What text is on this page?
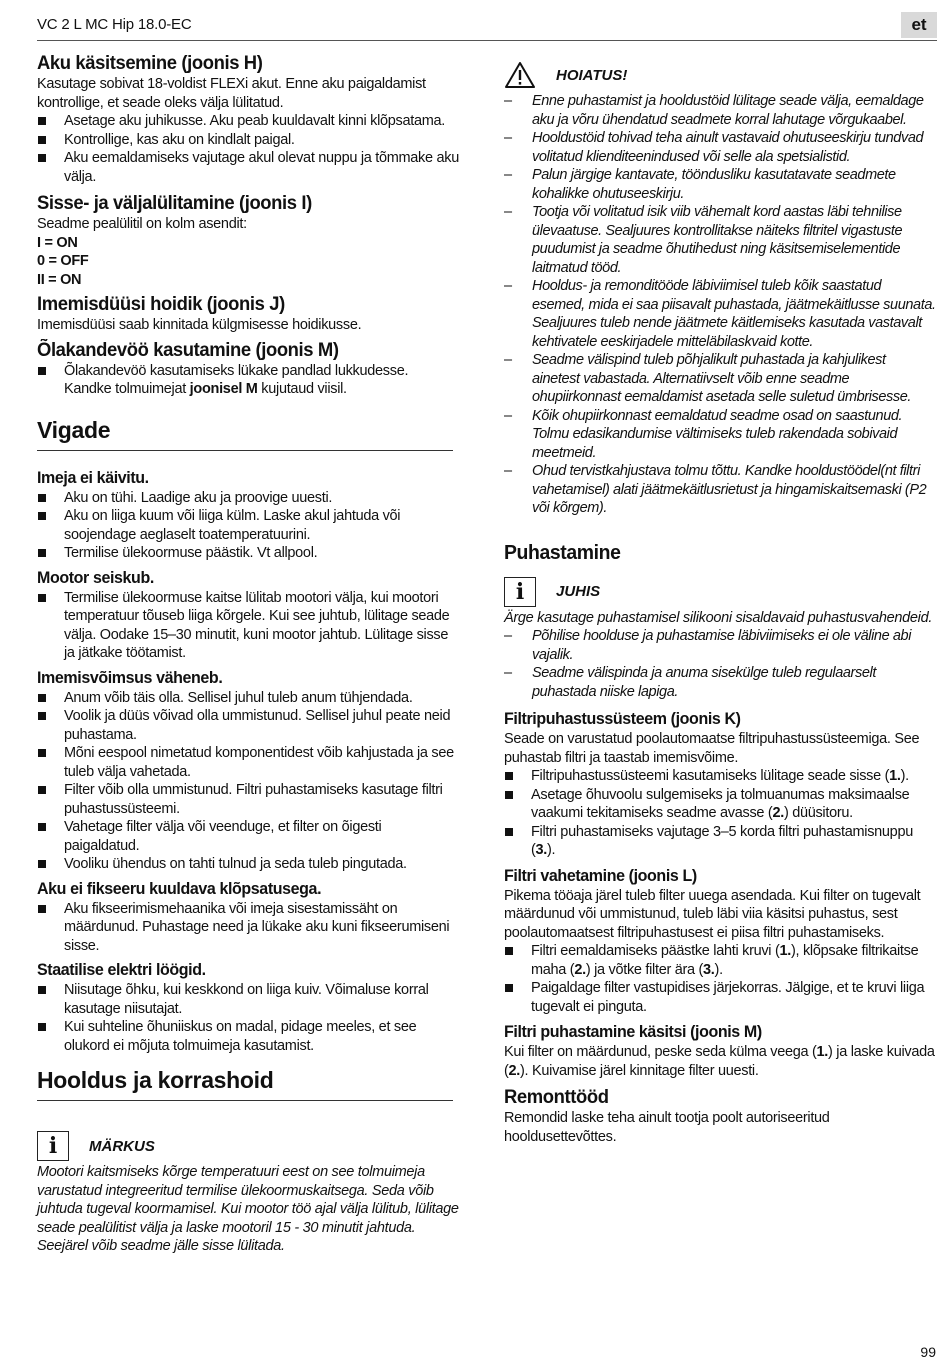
VC 2 L MC Hip 18.0-EC	et
Aku käsitsemine (joonis H)

Kasutage sobivat 18-voldist FLEXi akut. Enne aku paigaldamist kontrollige, et seade oleks välja lülitatud.

Asetage aku juhikusse. Aku peab kuuldavalt kinni klõpsatama.
Kontrollige, kas aku on kindlalt paigal.
Aku eemaldamiseks vajutage akul olevat nuppu ja tõmmake aku välja.
Sisse- ja väljalülitamine (joonis I)

Seadme pealülitil on kolm asendit:

I = ON

0 = OFF

II = ON

Imemisdüüsi hoidik (joonis J)

Imemisdüüsi saab kinnitada külgmisesse hoidikusse.

Õlakandevöö kasutamine (joonis M)
Õlakandevöö kasutamiseks lükake pandlad lukkudesse.

Kandke tolmuimejat joonisel M kujutaud viisil.

Vigade
Imeja ei käivitu.
Aku on tühi. Laadige aku ja proovige uuesti.
Aku on liiga kuum või liiga külm. Laske akul jahtuda või soojendage aeglaselt toatemperatuurini.
Termilise ülekoormuse päästik. Vt allpool.
Mootor seiskub.
Termilise ülekoormuse kaitse lülitab mootori välja, kui mootori temperatuur tõuseb liiga kõrgele. Kui see juhtub, lülitage seade välja. Oodake 15–30 minutit, kuni mootor jahtub. Lülitage sisse ja jätkake töötamist.
Imemisvõimsus väheneb.
Anum võib täis olla. Sellisel juhul tuleb anum tühjendada.
Voolik ja düüs võivad olla ummistunud. Sellisel juhul peate neid puhastama.
Mõni eespool nimetatud komponentidest võib kahjustada ja see tuleb välja vahetada.
Filter võib olla ummistunud. Filtri puhastamiseks kasutage filtri puhastussüsteemi.
Vahetage filter välja või veenduge, et filter on õigesti paigaldatud.
Vooliku ühendus on tahti tulnud ja seda tuleb pingutada.
Aku ei fikseeru kuuldava klõpsatusega.
Aku fikseerimismehaanika või imeja sisestamissäht on määrdunud. Puhastage need ja lükake aku kuni fikseerumiseni sisse.
Staatilise elektri löögid.
Niisutage õhku, kui keskkond on liiga kuiv. Võimaluse korral kasutage niisutajat.
Kui suhteline õhuniiskus on madal, pidage meeles, et see olukord ei mõjuta tolmuimeja kasutamist.
Hooldus ja korrashoid
i	MÄRKUS

Mootori kaitsmiseks kõrge temperatuuri eest on see tolmuimeja varustatud integreeritud termilise ülekoormuskaitsega. Seda võib juhtuda tugeval koormamisel. Kui mootor töö ajal välja lülitub, lülitage seade pealülitist välja ja laske mootoril 15 - 30 minutit jahtuda. Seejärel võib seadme jälle sisse lülitada.

HOIATUS!
– Enne puhastamist ja hooldustöid lülitage seade välja, eemaldage aku ja võru ühendatud seadmete korral lahutage võrgukaabel.
– Hooldustöid tohivad teha ainult vastavaid ohutuseeskirju tundvad volitatud klienditeenindused või selle ala spetsialistid.
– Palun järgige kantavate, tööndusliku kasutatavate seadmete kohalikke ohutuseeskirju.
– Tootja või volitatud isik viib vähemalt kord aastas läbi tehnilise ülevaatuse. Sealjuures kontrollitakse näiteks filtritel vigastuste puudumist ja seadme õhutihedust ning käsitsemiselementide laitmatud tööd.
– Hooldus- ja remonditööde läbiviimisel tuleb kõik saastatud esemed, mida ei saa piisavalt puhastada, jäätmekäitlusse suunata. Sealjuures tuleb nende jäätmete käitlemiseks kasutada vastavalt kehtivatele eeskirjadele mitteläbilaskvaid kotte.
– Seadme välispind tuleb põhjalikult puhastada ja kahjulikest ainetest vabastada. Alternatiivselt võib enne seadme ohupiirkonnast eemaldamist asetada selle suletud ümbrisesse.
– Kõik ohupiirkonnast eemaldatud seadme osad on saastunud. Tolmu edasikandumise vältimiseks tuleb rakendada sobivaid meetmeid.
– Ohud tervistkahjustava tolmu tõttu. Kandke hooldustöödel(nt filtri vahetamisel) alati jäätmekäitlusrietust ja hingamiskaitsemaski (P2 või kõrgem).
Puhastamine
i	JUHIS

Ärge kasutage puhastamisel silikooni sisaldavaid puhastusvahendeid.

– Põhilise hoolduse ja puhastamise läbiviimiseks ei ole väline abi vajalik.
– Seadme välispinda ja anuma sisekülge tuleb regulaarselt puhastada niiske lapiga.
Filtripuhastussüsteem (joonis K)

Seade on varustatud poolautomaatse filtripuhastussüsteemiga. See puhastab filtri ja taastab imemisvõime.

Filtripuhastussüsteemi kasutamiseks lülitage seade sisse (1.).
Asetage õhuvoolu sulgemiseks ja tolmuanumas maksimaalse vaakumi tekitamiseks seadme avasse (2.) düüsitoru.
Filtri puhastamiseks vajutage 3–5 korda filtri puhastamisnuppu (3.).
Filtri vahetamine (joonis L)

Pikema tööaja järel tuleb filter uuega asendada. Kui filter on tugevalt määrdunud või ummistunud, tuleb läbi viia käsitsi puhastus, sest poolautomaatsest filtripuhastusest ei piisa filtri puhastamiseks.

Filtri eemaldamiseks päästke lahti kruvi (1.), klõpsake filtrikaitse maha (2.) ja võtke filter ära (3.).
Paigaldage filter vastupidises järjekorras. Jälgige, et te kruvi liiga tugevalt ei pinguta.
Filtri puhastamine käsitsi (joonis M)

Kui filter on määrdunud, peske seda külma veega (1.) ja laske kuivada (2.). Kuivamise järel kinnitage filter uuesti.

Remonttööd

Remondid laske teha ainult tootja poolt autoriseeritud hooldusettevõttes.

99
